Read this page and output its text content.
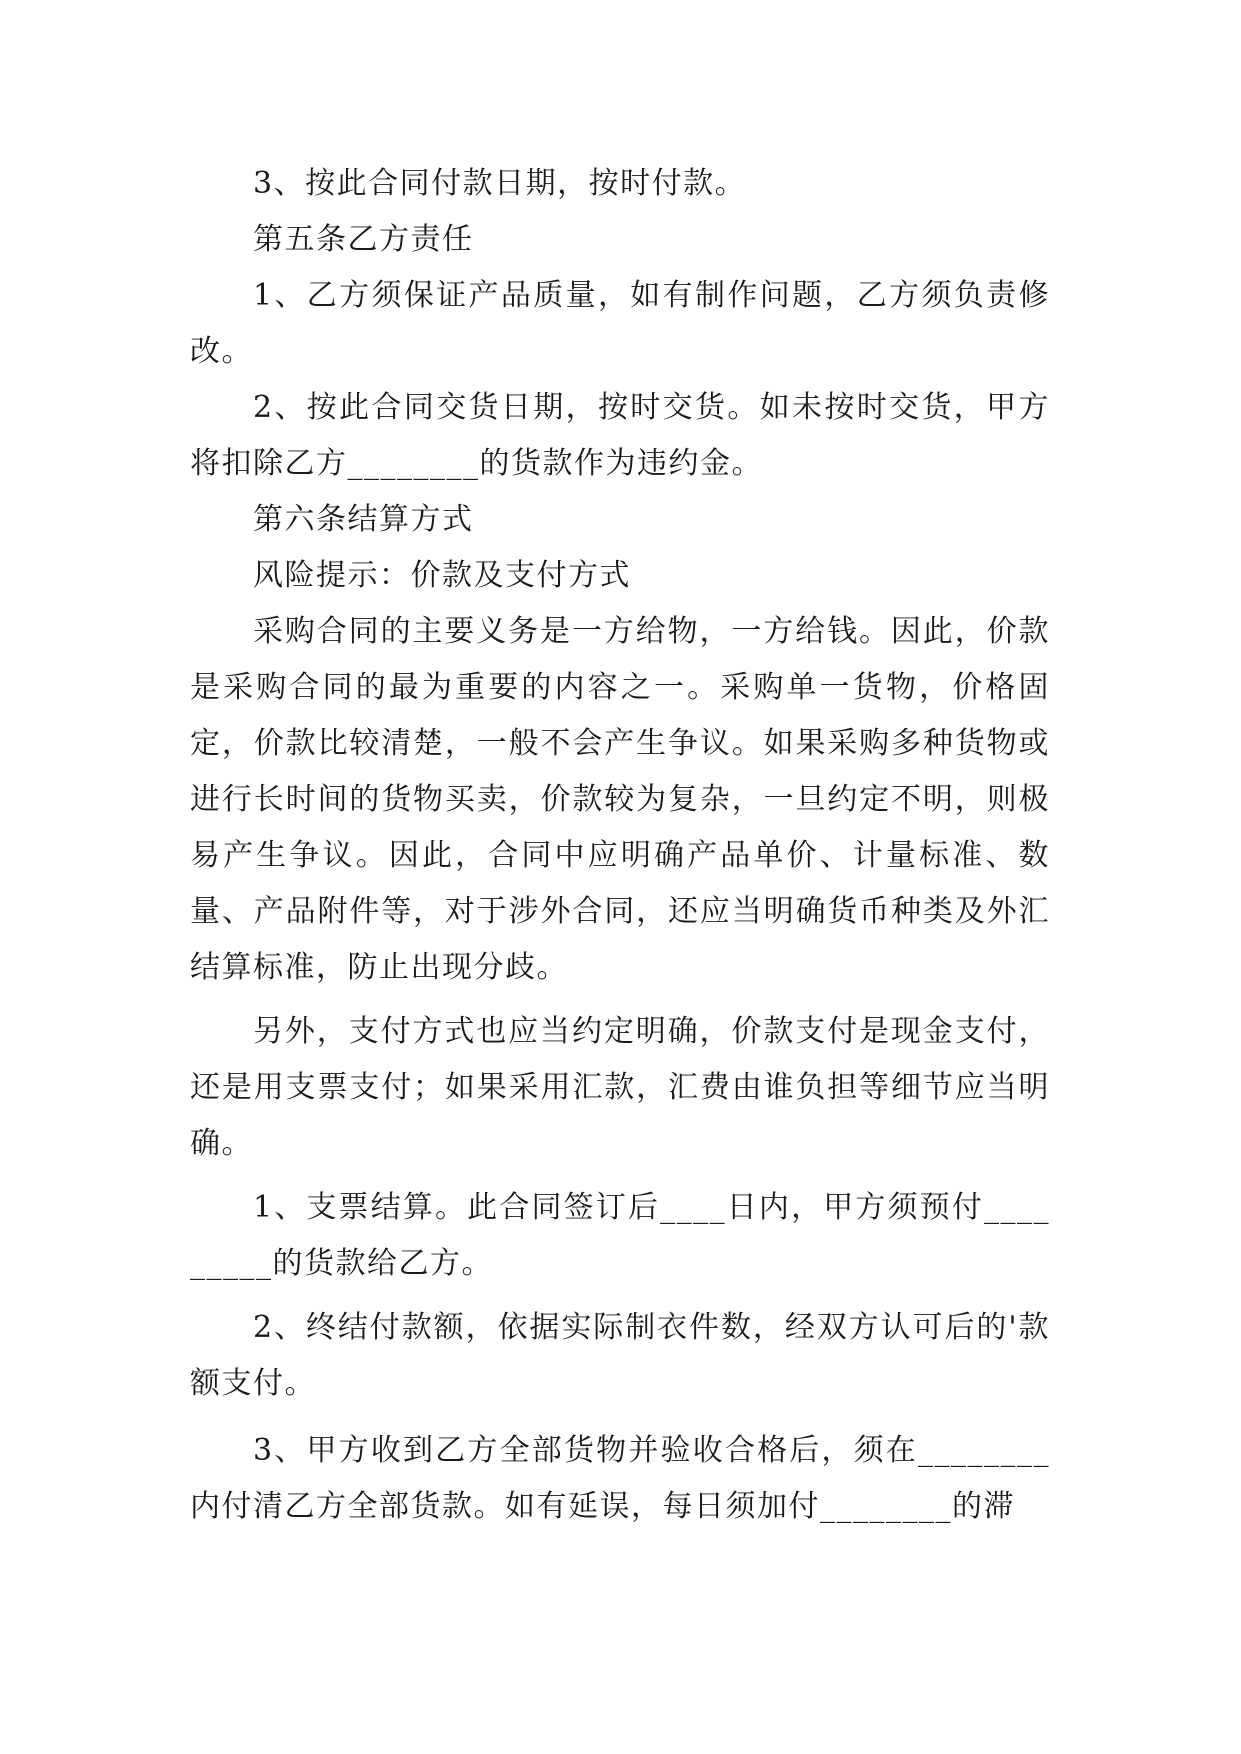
3、按此合同付款日期，按时付款。

第五条乙方责任

1、乙方须保证产品质量，如有制作问题，乙方须负责修改。

2、按此合同交货日期，按时交货。如未按时交货，甲方将扣除乙方________的货款作为违约金。

第六条结算方式

风险提示：价款及支付方式

采购合同的主要义务是一方给物，一方给钱。因此，价款是采购合同的最为重要的内容之一。采购单一货物，价格固定，价款比较清楚，一般不会产生争议。如果采购多种货物或进行长时间的货物买卖，价款较为复杂，一旦约定不明，则极易产生争议。因此，合同中应明确产品单价、计量标准、数量、产品附件等，对于涉外合同，还应当明确货币种类及外汇结算标准，防止出现分歧。

另外，支付方式也应当约定明确，价款支付是现金支付，还是用支票支付；如果采用汇款，汇费由谁负担等细节应当明确。

1、支票结算。此合同签订后____日内，甲方须预付_________的货款给乙方。

2、终结付款额，依据实际制衣件数，经双方认可后的'款额支付。

3、甲方收到乙方全部货物并验收合格后，须在________内付清乙方全部货款。如有延误，每日须加付________的滞
